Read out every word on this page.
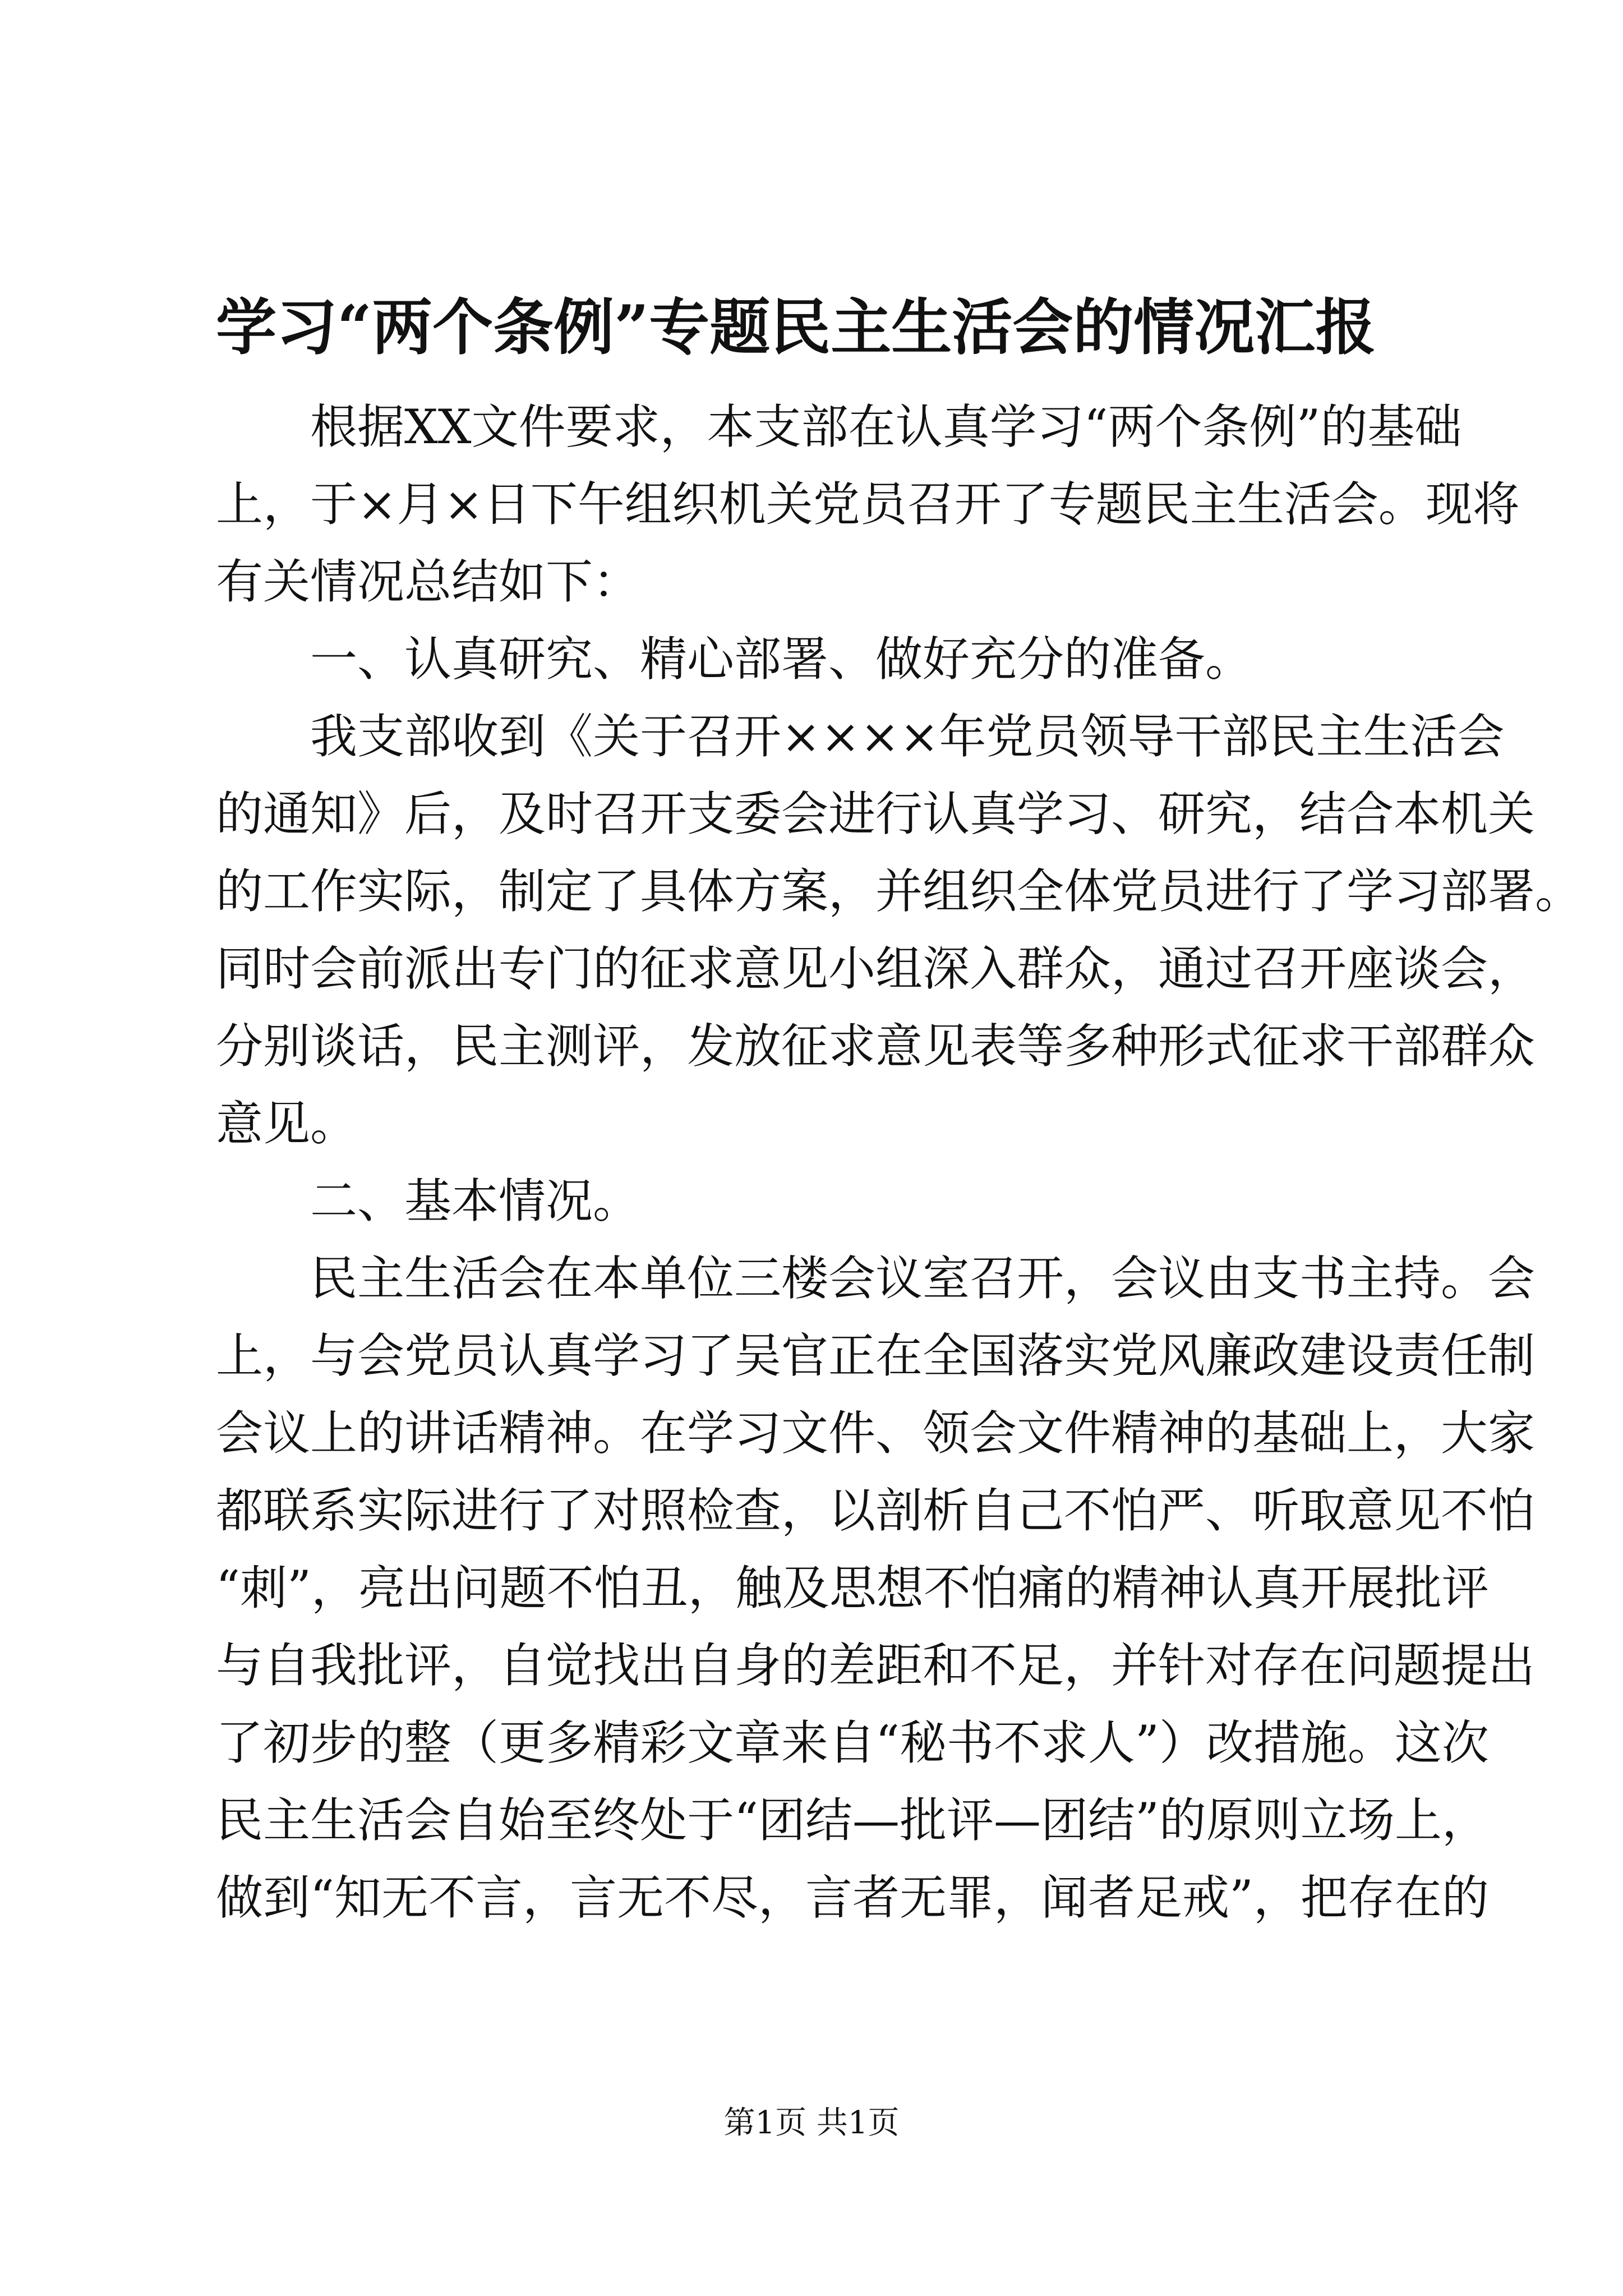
学习“两个条例”专题民主生活会的情况汇报
根据XX文件要求，本支部在认真学习“两个条例”的基础
上，于×月×日下午组织机关党员召开了专题民主生活会。现将
有关情况总结如下：
一、认真研究、精心部署、做好充分的准备。
我支部收到《关于召开××××年党员领导干部民主生活会
的通知》后，及时召开支委会进行认真学习、研究，结合本机关
的工作实际，制定了具体方案，并组织全体党员进行了学习部署。
同时会前派出专门的征求意见小组深入群众，通过召开座谈会，
分别谈话，民主测评，发放征求意见表等多种形式征求干部群众
意见。
二、基本情况。
民主生活会在本单位三楼会议室召开，会议由支书主持。会
上，与会党员认真学习了吴官正在全国落实党风廉政建设责任制
会议上的讲话精神。在学习文件、领会文件精神的基础上，大家
都联系实际进行了对照检查，以剖析自己不怕严、听取意见不怕
“刺”，亮出问题不怕丑，触及思想不怕痛的精神认真开展批评
与自我批评，自觉找出自身的差距和不足，并针对存在问题提出
了初步的整（更多精彩文章来自“秘书不求人”）改措施。这次
民主生活会自始至终处于“团结—批评—团结”的原则立场上，
做到“知无不言，言无不尽，言者无罪，闻者足戒”，把存在的
第1页 共1页
